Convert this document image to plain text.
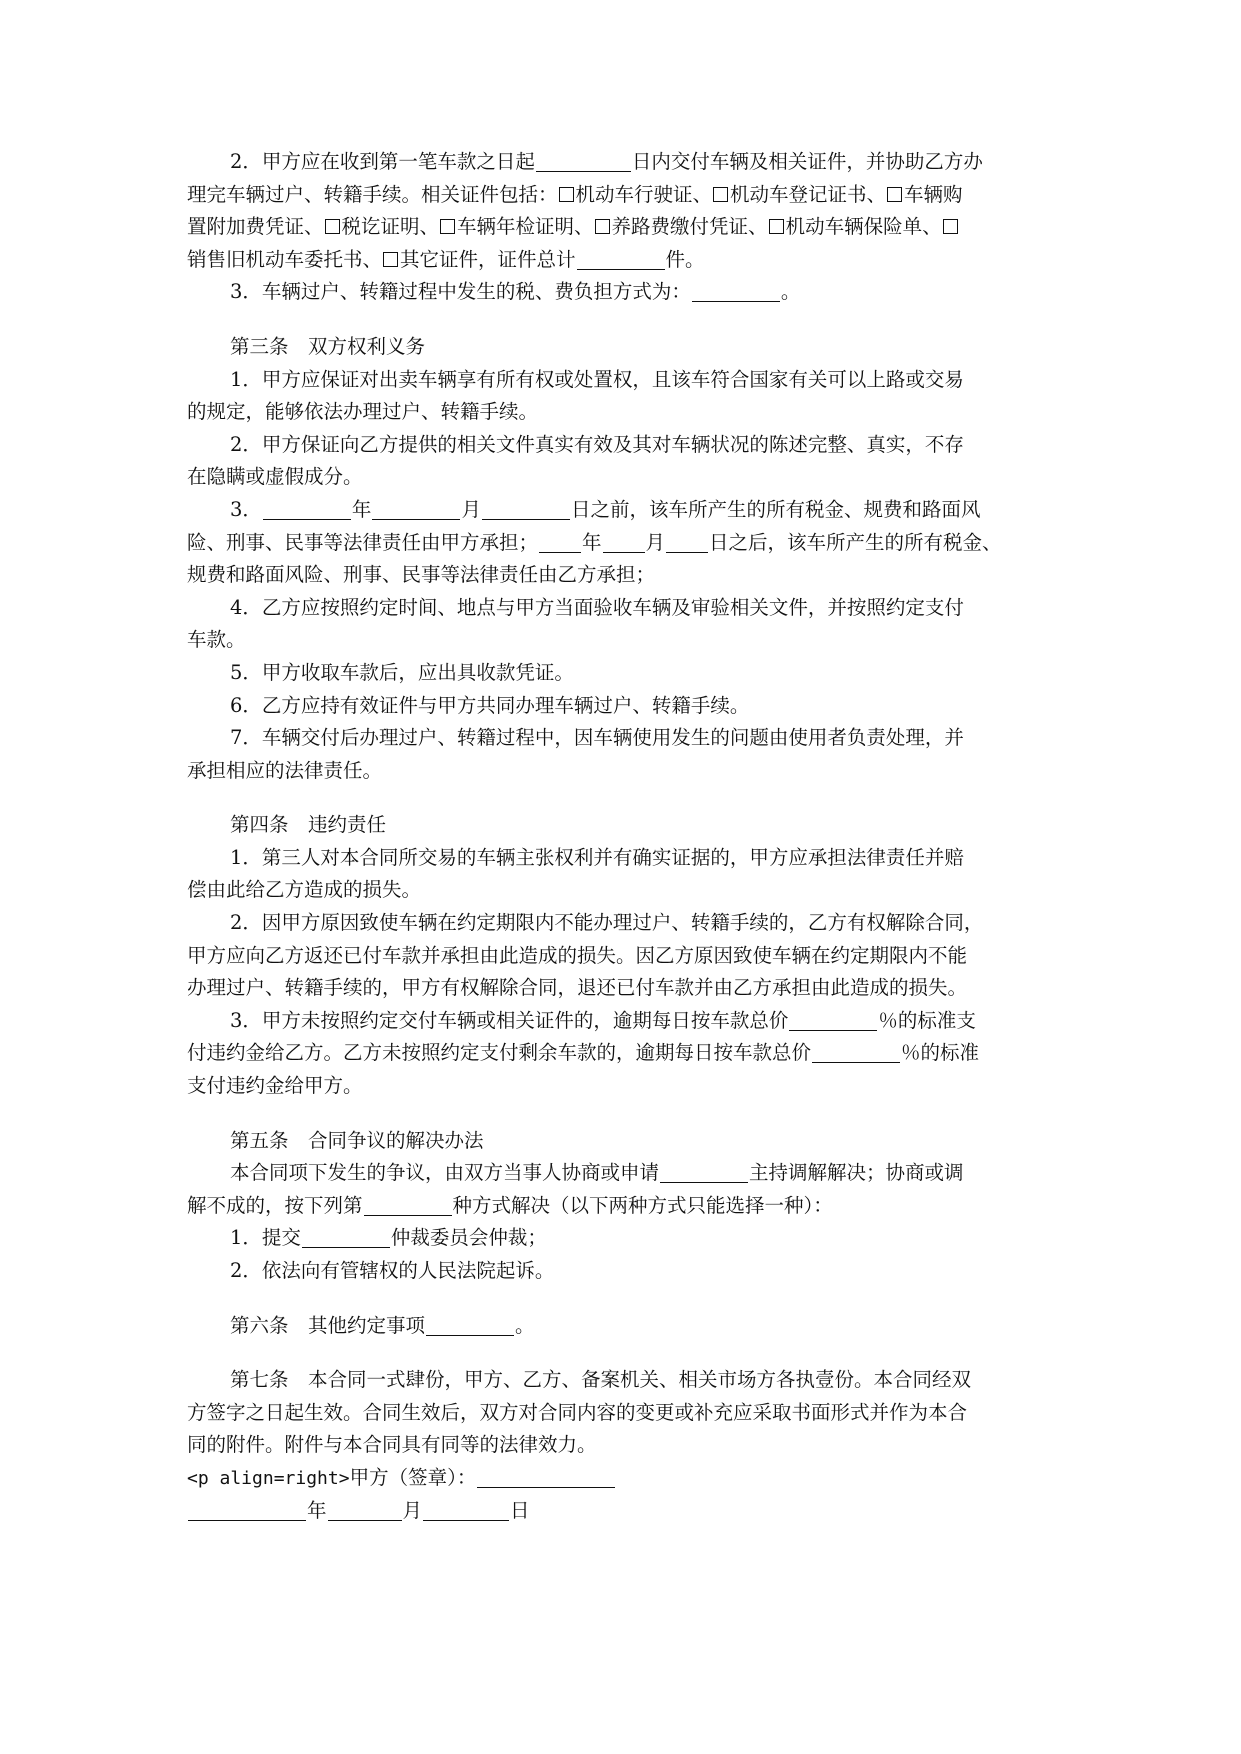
2．甲方应在收到第一笔车款之日起	日内交付车辆及相关证件，并协助乙方办
理完车辆过户、转籍手续。相关证件包括： 机动车行驶证、 机动车登记证书、 车辆购
置附加费凭证、 税讫证明、 车辆年检证明、 养路费缴付凭证、 机动车辆保险单、
销售旧机动车委托书、 其它证件，证件总计	件。
3．车辆过户、转籍过程中发生的税、费负担方式为：	。
第三条　双方权利义务
1．甲方应保证对出卖车辆享有所有权或处置权，且该车符合国家有关可以上路或交易
的规定，能够依法办理过户、转籍手续。
2．甲方保证向乙方提供的相关文件真实有效及其对车辆状况的陈述完整、真实，不存
在隐瞒或虚假成分。
3．	年	月	日之前，该车所产生的所有税金、规费和路面风
险、刑事、民事等法律责任由甲方承担； 年 月 日之后，该车所产生的所有税金、
规费和路面风险、刑事、民事等法律责任由乙方承担；
4．乙方应按照约定时间、地点与甲方当面验收车辆及审验相关文件，并按照约定支付
车款。
5．甲方收取车款后，应出具收款凭证。
6．乙方应持有效证件与甲方共同办理车辆过户、转籍手续。
7．车辆交付后办理过户、转籍过程中，因车辆使用发生的问题由使用者负责处理，并
承担相应的法律责任。
第四条　违约责任
1．第三人对本合同所交易的车辆主张权利并有确实证据的，甲方应承担法律责任并赔
偿由此给乙方造成的损失。
2．因甲方原因致使车辆在约定期限内不能办理过户、转籍手续的，乙方有权解除合同，
甲方应向乙方返还已付车款并承担由此造成的损失。因乙方原因致使车辆在约定期限内不能
办理过户、转籍手续的，甲方有权解除合同，退还已付车款并由乙方承担由此造成的损失。
3．甲方未按照约定交付车辆或相关证件的，逾期每日按车款总价	％的标准支
付违约金给乙方。乙方未按照约定支付剩余车款的，逾期每日按车款总价	％的标准
支付违约金给甲方。
第五条　合同争议的解决办法
本合同项下发生的争议，由双方当事人协商或申请	主持调解解决；协商或调
解不成的，按下列第	种方式解决（以下两种方式只能选择一种）：
1．提交	仲裁委员会仲裁；
2．依法向有管辖权的人民法院起诉。
第六条　其他约定事项	。
第七条　本合同一式肆份，甲方、乙方、备案机关、相关市场方各执壹份。本合同经双
方签字之日起生效。合同生效后，双方对合同内容的变更或补充应采取书面形式并作为本合
同的附件。附件与本合同具有同等的法律效力。
<p align=right>甲方（签章）：
年	月	日
